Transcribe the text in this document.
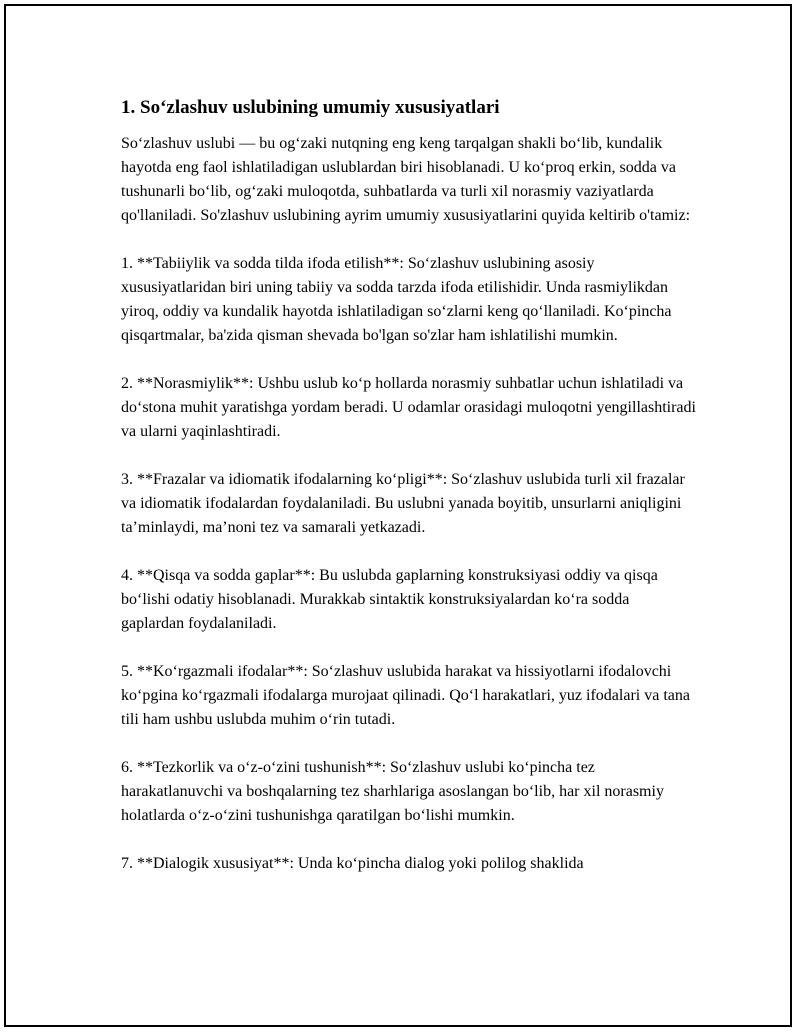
1. So‘zlashuv uslubining umumiy xususiyatlari
So‘zlashuv uslubi — bu og‘zaki nutqning eng keng tarqalgan shakli bo‘lib, kundalik hayotda eng faol ishlatiladigan uslublardan biri hisoblanadi. U ko‘proq erkin, sodda va tushunarli bo‘lib, og‘zaki muloqotda, suhbatlarda va turli xil norasmiy vaziyatlarda qo'llaniladi. So'zlashuv uslubining ayrim umumiy xususiyatlarini quyida keltirib o'tamiz:
1. **Tabiiylik va sodda tilda ifoda etilish**: So‘zlashuv uslubining asosiy xususiyatlaridan biri uning tabiiy va sodda tarzda ifoda etilishidir. Unda rasmiylikdan yiroq, oddiy va kundalik hayotda ishlatiladigan so‘zlarni keng qo‘llaniladi. Ko‘pincha qisqartmalar, ba'zida qisman shevada bo'lgan so'zlar ham ishlatilishi mumkin.
2. **Norasmiylik**: Ushbu uslub ko‘p hollarda norasmiy suhbatlar uchun ishlatiladi va do‘stona muhit yaratishga yordam beradi. U odamlar orasidagi muloqotni yengillashtiradi va ularni yaqinlashtiradi.
3. **Frazalar va idiomatik ifodalarning ko‘pligi**: So‘zlashuv uslubida turli xil frazalar va idiomatik ifodalardan foydalaniladi. Bu uslubni yanada boyitib, unsurlarni aniqligini ta’minlaydi, ma’noni tez va samarali yetkazadi.
4. **Qisqa va sodda gaplar**: Bu uslubda gaplarning konstruksiyasi oddiy va qisqa bo‘lishi odatiy hisoblanadi. Murakkab sintaktik konstruksiyalardan ko‘ra sodda gaplardan foydalaniladi.
5. **Ko‘rgazmali ifodalar**: So‘zlashuv uslubida harakat va hissiyotlarni ifodalovchi ko‘pgina ko‘rgazmali ifodalarga murojaat qilinadi. Qo‘l harakatlari, yuz ifodalari va tana tili ham ushbu uslubda muhim o‘rin tutadi.
6. **Tezkorlik va o‘z-o‘zini tushunish**: So‘zlashuv uslubi ko‘pincha tez harakatlanuvchi va boshqalarning tez sharhlariga asoslangan bo‘lib, har xil norasmiy holatlarda o‘z-o‘zini tushunishga qaratilgan bo‘lishi mumkin.
7. **Dialogik xususiyat**: Unda ko‘pincha dialog yoki polilog shaklida
